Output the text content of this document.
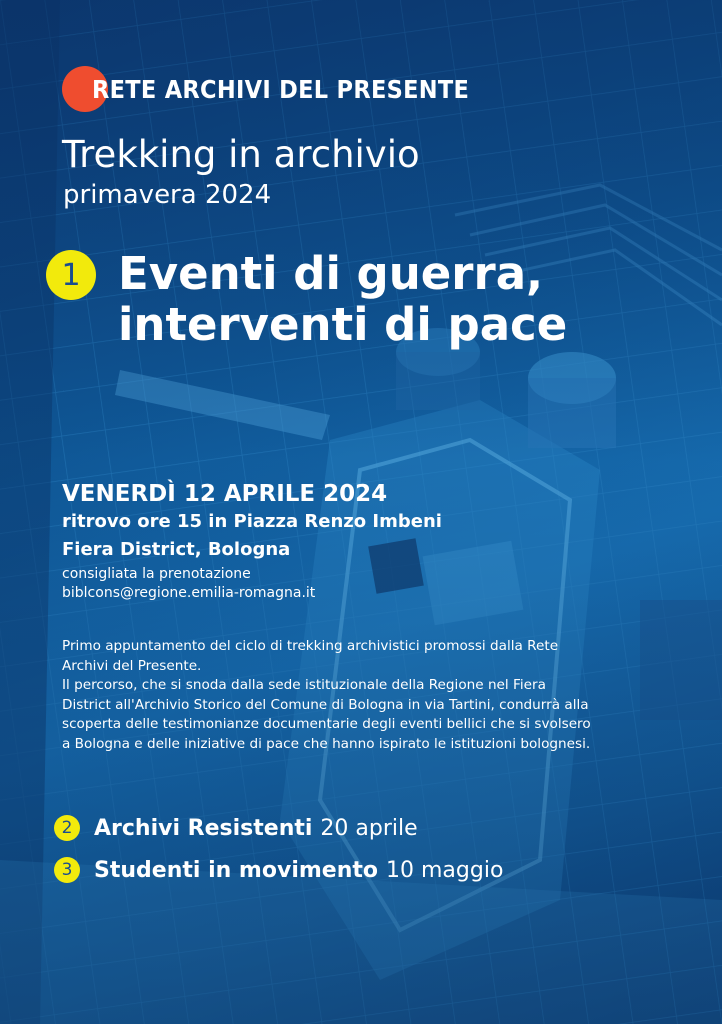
RETE ARCHIVI DEL PRESENTE
Trekking in archivio
primavera 2024
1 Eventi di guerra,
interventi di pace
VENERDÌ 12 APRILE 2024
ritrovo ore 15 in Piazza Renzo Imbeni
Fiera District, Bologna
consigliata la prenotazione
biblcons@regione.emilia-romagna.it

Primo appuntamento del ciclo di trekking archivistici promossi dalla Rete

Archivi del Presente.

Il percorso, che si snoda dalla sede istituzionale della Regione nel Fiera

District all'Archivio Storico del Comune di Bologna in via Tartini, condurrà alla

scoperta delle testimonianze documentarie degli eventi bellici che si svolsero

a Bologna e delle iniziative di pace che hanno ispirato le istituzioni bolognesi.

2 Archivi Resistenti 20 aprile
3 Studenti in movimento 10 maggio
